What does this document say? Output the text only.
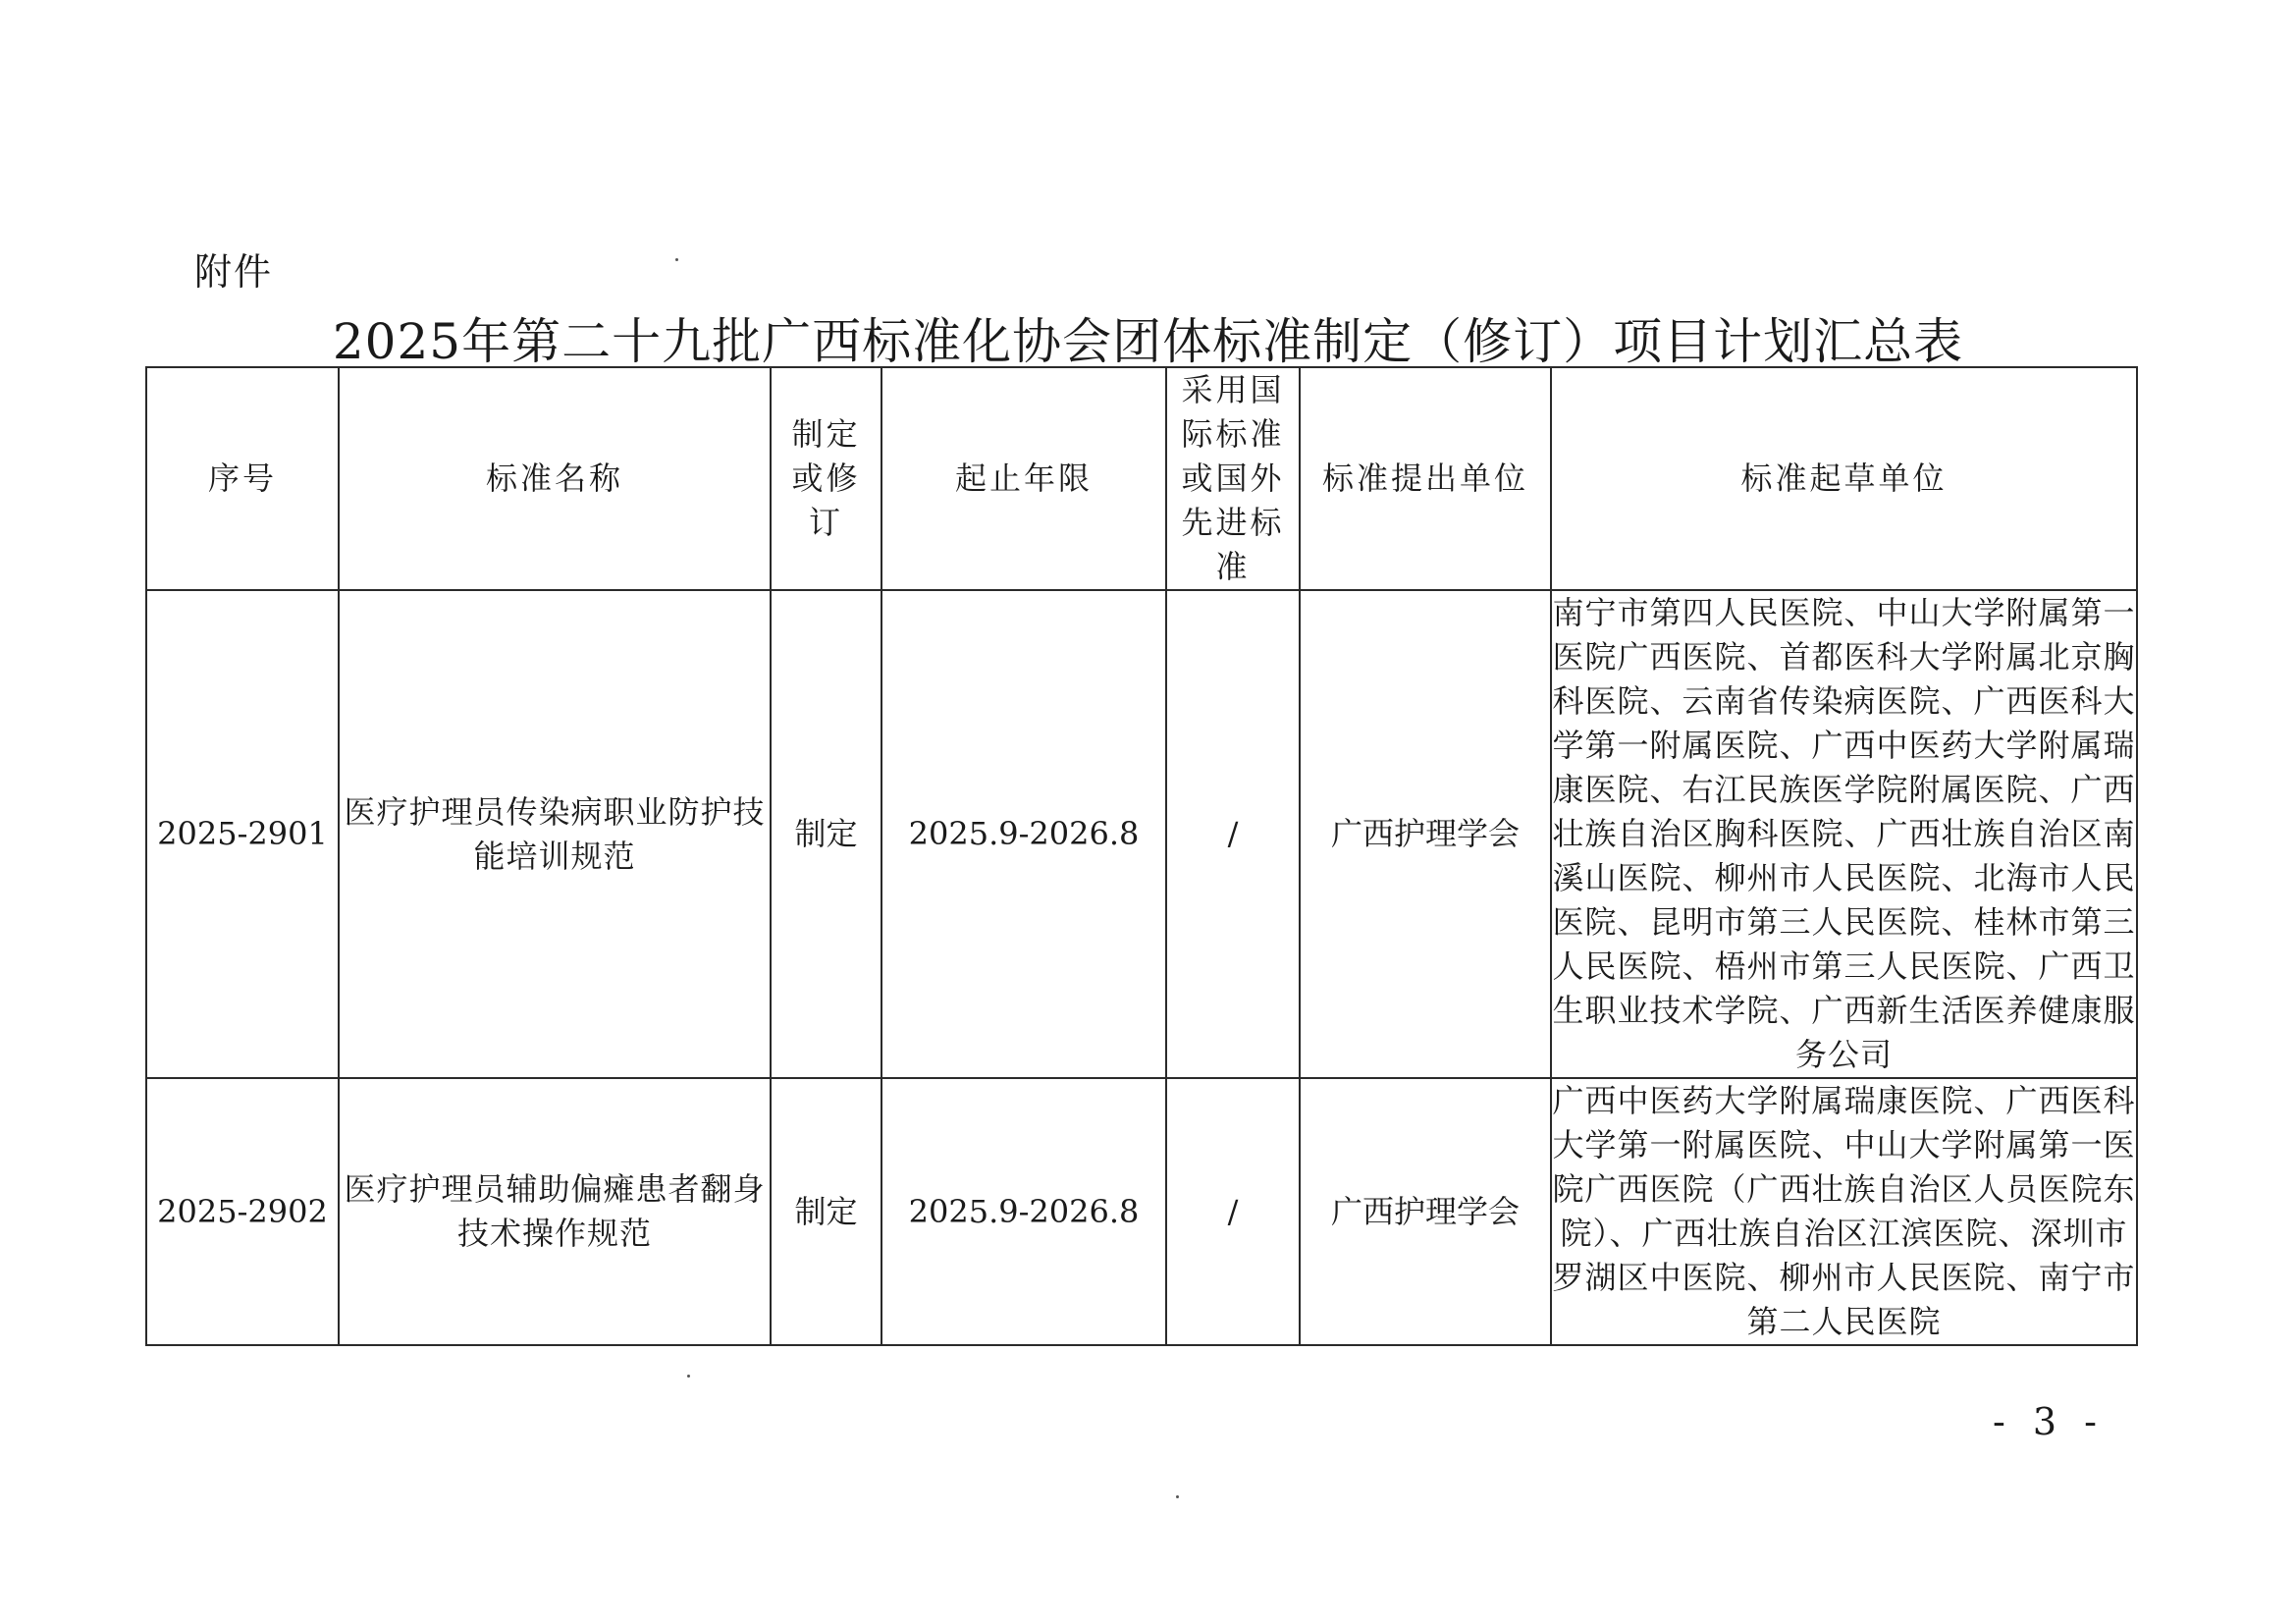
附件
2025年第二十九批广西标准化协会团体标准制定（修订）项目计划汇总表
序号	标准名称	制定或修订	起止年限	采用国际标准或国外先进标准	标准提出单位	标准起草单位
2025-2901	医疗护理员传染病职业防护技能培训规范	制定	2025.9-2026.8	/	广西护理学会	南宁市第四人民医院、中山大学附属第一医院广西医院、首都医科大学附属北京胸科医院、云南省传染病医院、广西医科大学第一附属医院、广西中医药大学附属瑞康医院、右江民族医学院附属医院、广西壮族自治区胸科医院、广西壮族自治区南溪山医院、柳州市人民医院、北海市人民医院、昆明市第三人民医院、桂林市第三人民医院、梧州市第三人民医院、广西卫生职业技术学院、广西新生活医养健康服务公司
2025-2902	医疗护理员辅助偏瘫患者翻身技术操作规范	制定	2025.9-2026.8	/	广西护理学会	广西中医药大学附属瑞康医院、广西医科大学第一附属医院、中山大学附属第一医院广西医院（广西壮族自治区人员医院东院）、广西壮族自治区江滨医院、深圳市罗湖区中医院、柳州市人民医院、南宁市第二人民医院
- 3 -
